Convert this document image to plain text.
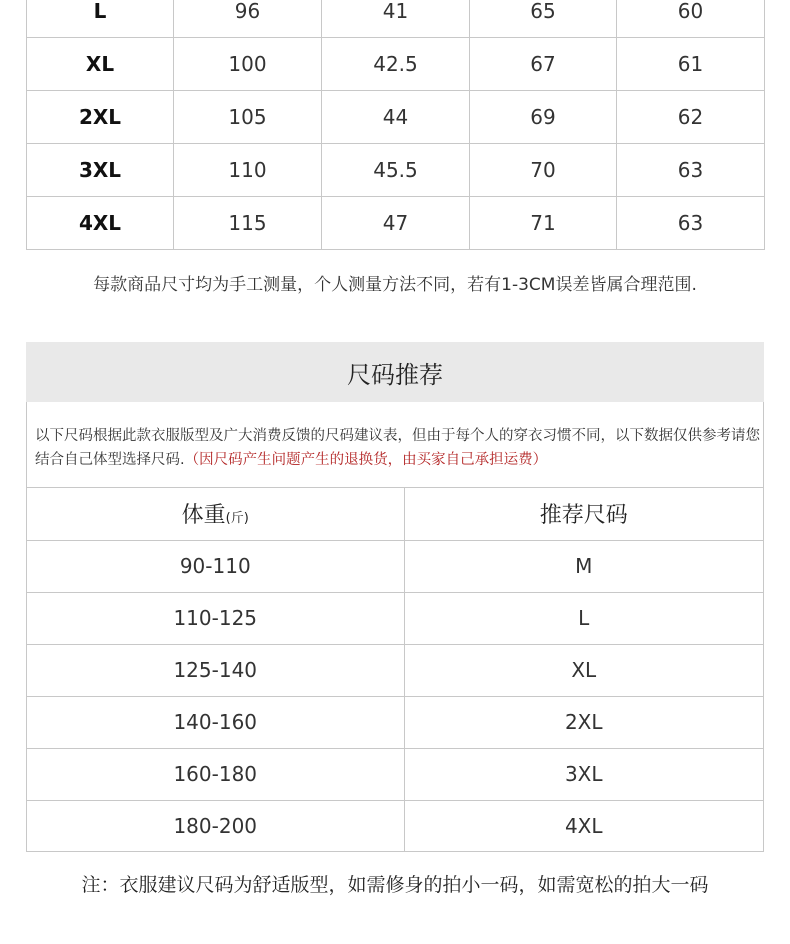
L	96	41	65	60
XL	100	42.5	67	61
2XL	105	44	69	62
3XL	110	45.5	70	63
4XL	115	47	71	63
每款商品尺寸均为手工测量，个人测量方法不同，若有1-3CM误差皆属合理范围.
尺码推荐
以下尺码根据此款衣服版型及广大消费反馈的尺码建议表，但由于每个人的穿衣习惯不同，以下数据仅供参考请您结合自己体型选择尺码.（因尺码产生问题产生的退换货，由买家自己承担运费）
体重(斤)	推荐尺码
90-110	M
110-125	L
125-140	XL
140-160	2XL
160-180	3XL
180-200	4XL
注：衣服建议尺码为舒适版型，如需修身的拍小一码，如需宽松的拍大一码
